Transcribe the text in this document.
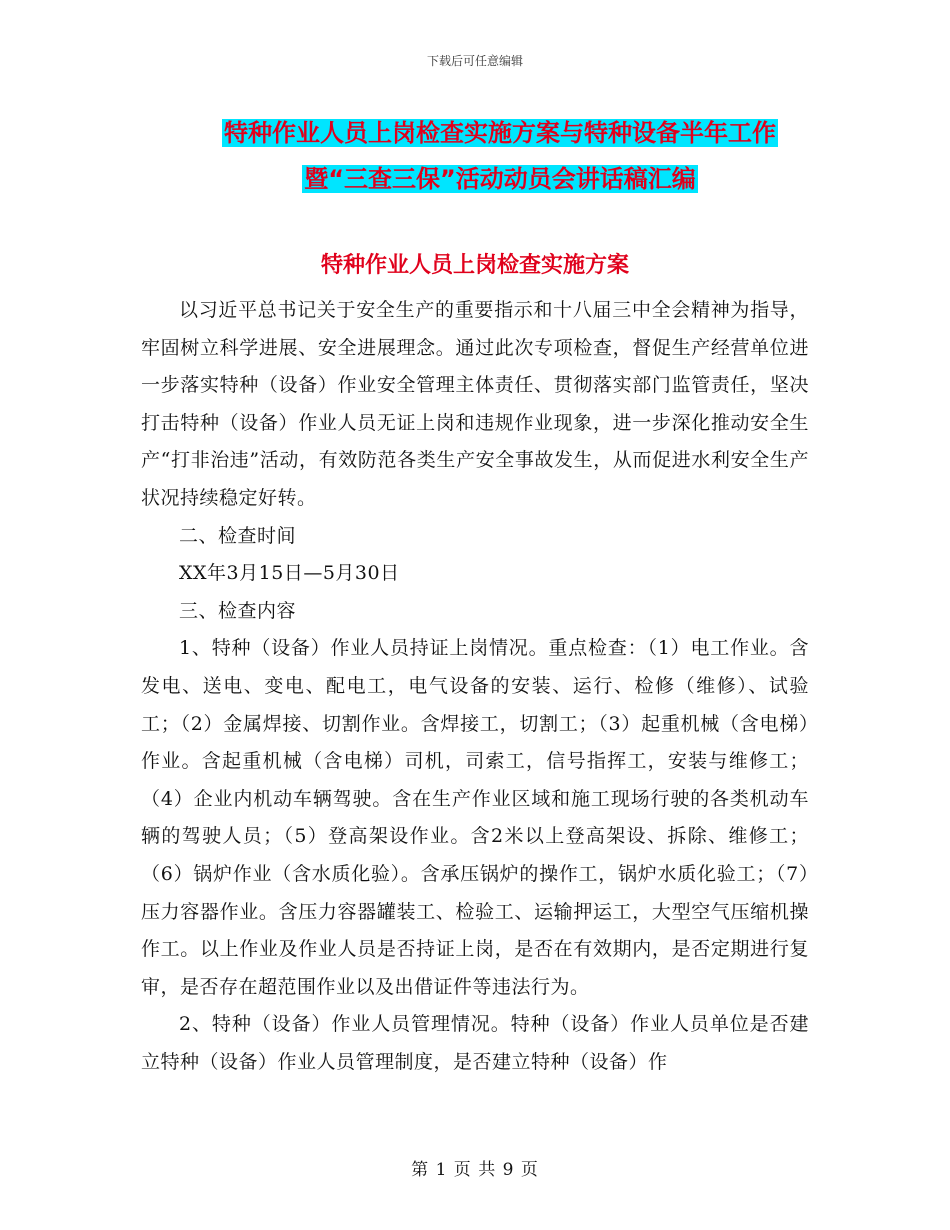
下载后可任意编辑
特种作业人员上岗检查实施方案与特种设备半年工作
暨“三查三保”活动动员会讲话稿汇编
特种作业人员上岗检查实施方案

以习近平总书记关于安全生产的重要指示和十八届三中全会精神为指导，牢固树立科学进展、安全进展理念。通过此次专项检查，督促生产经营单位进一步落实特种（设备）作业安全管理主体责任、贯彻落实部门监管责任，坚决打击特种（设备）作业人员无证上岗和违规作业现象，进一步深化推动安全生产“打非治违”活动，有效防范各类生产安全事故发生，从而促进水利安全生产状况持续稳定好转。

二、检查时间

XX年3月15日—5月30日

三、检查内容

1、特种（设备）作业人员持证上岗情况。重点检查：（1）电工作业。含发电、送电、变电、配电工，电气设备的安装、运行、检修（维修）、试验工；（2）金属焊接、切割作业。含焊接工，切割工；（3）起重机械（含电梯）作业。含起重机械（含电梯）司机，司索工，信号指挥工，安装与维修工；（4）企业内机动车辆驾驶。含在生产作业区域和施工现场行驶的各类机动车辆的驾驶人员；（5）登高架设作业。含2米以上登高架设、拆除、维修工；（6）锅炉作业（含水质化验）。含承压锅炉的操作工，锅炉水质化验工；（7）压力容器作业。含压力容器罐装工、检验工、运输押运工，大型空气压缩机操作工。以上作业及作业人员是否持证上岗，是否在有效期内，是否定期进行复审，是否存在超范围作业以及出借证件等违法行为。

2、特种（设备）作业人员管理情况。特种（设备）作业人员单位是否建立特种（设备）作业人员管理制度，是否建立特种（设备）作

第 1 页 共 9 页
